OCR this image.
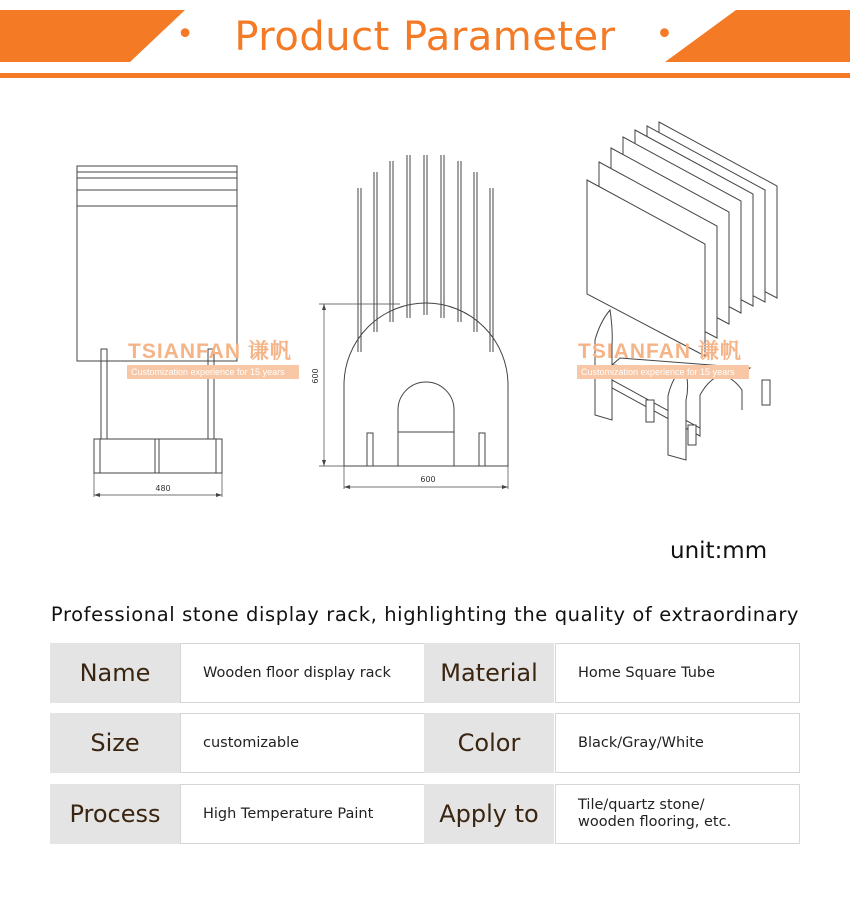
• Product Parameter •
480
600
600
TSIANFAN 谦帆
Customization experience for 15 years
TSIANFAN 谦帆
Customization experience for 15 years
unit:mm
Professional stone display rack, highlighting the quality of extraordinary
Name	Wooden floor display rack	Material	Home Square Tube
Size	customizable	Color	Black/Gray/White
Process	High Temperature Paint	Apply to	Tile/quartz stone/
wooden flooring, etc.
